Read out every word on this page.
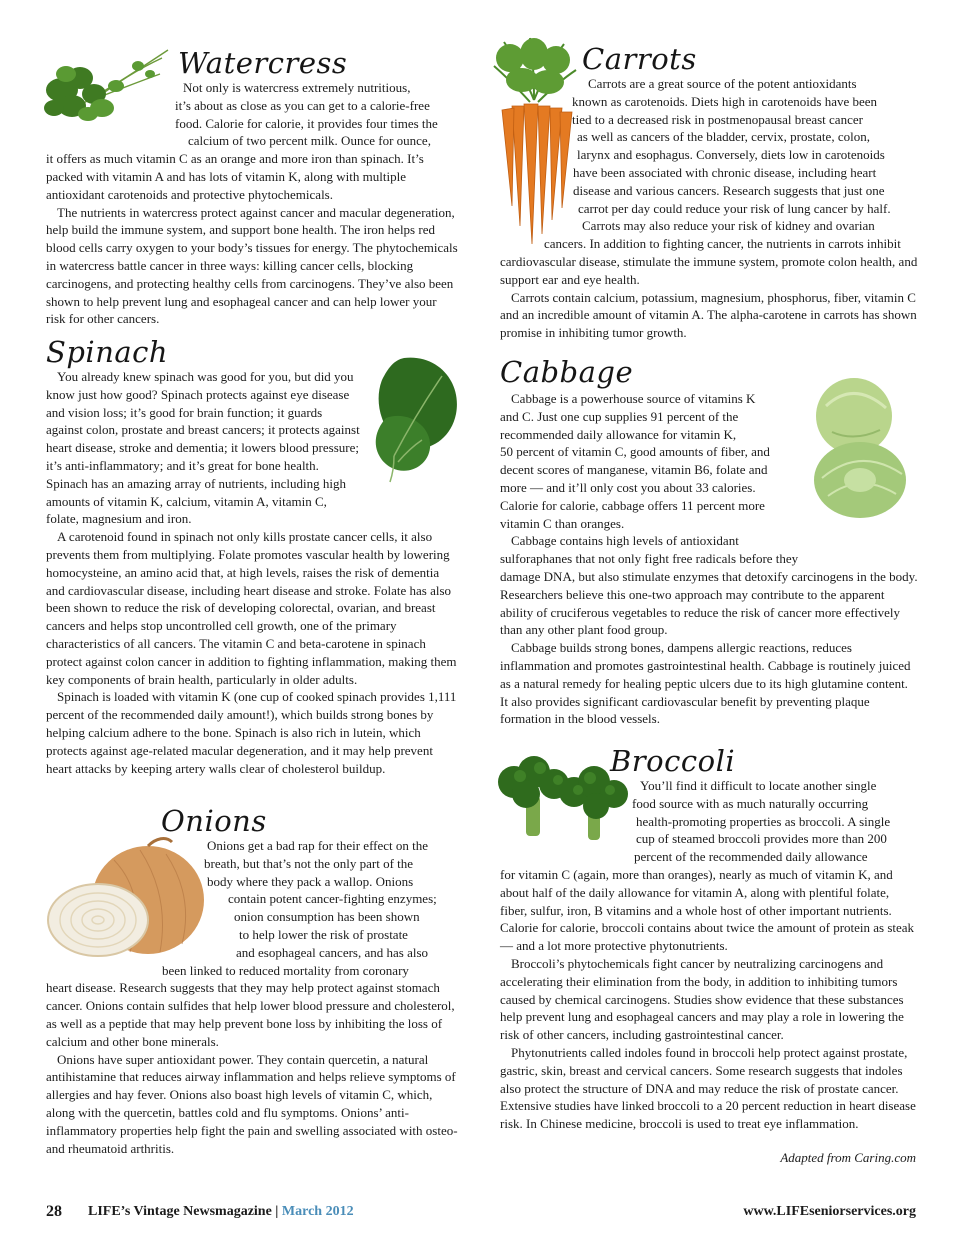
Watercress

Not only is watercress extremely nutritious,

it’s about as close as you can get to a calorie-free

food. Calorie for calorie, it provides four times the

calcium of two percent milk. Ounce for ounce,

it offers as much vitamin C as an orange and more iron than spinach. It’s packed with vitamin A and has lots of vitamin K, along with multiple antioxidant carotenoids and protective phytochemicals.

The nutrients in watercress protect against cancer and macular degeneration, help build the immune system, and support bone health. The iron helps red blood cells carry oxygen to your body’s tissues for energy. The phytochemicals in watercress battle cancer in three ways: killing cancer cells, blocking carcinogens, and protecting healthy cells from carcinogens. They’ve also been shown to help prevent lung and esophageal cancer and can help lower your risk for other cancers.

Spinach

You already knew spinach was good for you, but did you know just how good? Spinach protects against eye disease and vision loss; it’s good for brain function; it guards against colon, prostate and breast cancers; it protects against heart disease, stroke and dementia; it lowers blood pressure; it’s anti-inflammatory; and it’s great for bone health. Spinach has an amazing array of nutrients, including high amounts of vitamin K, calcium, vitamin A, vitamin C, folate, magnesium and iron.

A carotenoid found in spinach not only kills prostate cancer cells, it also prevents them from multiplying. Folate promotes vascular health by lowering homocysteine, an amino acid that, at high levels, raises the risk of dementia and cardiovascular disease, including heart disease and stroke. Folate has also been shown to reduce the risk of developing colorectal, ovarian, and breast cancers and helps stop uncontrolled cell growth, one of the primary characteristics of all cancers. The vitamin C and beta-carotene in spinach protect against colon cancer in addition to fighting inflammation, making them key components of brain health, particularly in older adults.

Spinach is loaded with vitamin K (one cup of cooked spinach provides 1,111 percent of the recommended daily amount!), which builds strong bones by helping calcium adhere to the bone. Spinach is also rich in lutein, which protects against age-related macular degeneration, and it may help prevent heart attacks by keeping artery walls clear of cholesterol buildup.

Onions

Onions get a bad rap for their effect on the

breath, but that’s not the only part of the

body where they pack a wallop. Onions

contain potent cancer-fighting enzymes;

onion consumption has been shown

to help lower the risk of prostate

and esophageal cancers, and has also

been linked to reduced mortality from coronary

heart disease. Research suggests that they may help protect against stomach cancer. Onions contain sulfides that help lower blood pressure and cholesterol, as well as a peptide that may help prevent bone loss by inhibiting the loss of calcium and other bone minerals.

Onions have super antioxidant power. They contain quercetin, a natural antihistamine that reduces airway inflammation and helps relieve symptoms of allergies and hay fever. Onions also boast high levels of vitamin C, which, along with the quercetin, battles cold and flu symptoms. Onions’ anti-inflammatory properties help fight the pain and swelling associated with osteo- and rheumatoid arthritis.

Carrots

Carrots are a great source of the potent antioxidants

known as carotenoids. Diets high in carotenoids have been

tied to a decreased risk in postmenopausal breast cancer

as well as cancers of the bladder, cervix, prostate, colon,

larynx and esophagus. Conversely, diets low in carotenoids

have been associated with chronic disease, including heart

disease and various cancers. Research suggests that just one

carrot per day could reduce your risk of lung cancer by half.

Carrots may also reduce your risk of kidney and ovarian

cancers. In addition to fighting cancer, the nutrients in carrots inhibit

cardiovascular disease, stimulate the immune system, promote colon health, and support ear and eye health.

Carrots contain calcium, potassium, magnesium, phosphorus, fiber, vitamin C and an incredible amount of vitamin A. The alpha-carotene in carrots has shown promise in inhibiting tumor growth.

Cabbage

Cabbage is a powerhouse source of vitamins K

and C. Just one cup supplies 91 percent of the

recommended daily allowance for vitamin K,

50 percent of vitamin C, good amounts of fiber, and

decent scores of manganese, vitamin B6, folate and

more — and it’ll only cost you about 33 calories.

Calorie for calorie, cabbage offers 11 percent more

vitamin C than oranges.

Cabbage contains high levels of antioxidant

sulforaphanes that not only fight free radicals before they

damage DNA, but also stimulate enzymes that detoxify carcinogens in the body. Researchers believe this one-two approach may contribute to the apparent ability of cruciferous vegetables to reduce the risk of cancer more effectively than any other plant food group.

Cabbage builds strong bones, dampens allergic reactions, reduces inflammation and promotes gastrointestinal health. Cabbage is routinely juiced as a natural remedy for healing peptic ulcers due to its high glutamine content. It also provides significant cardiovascular benefit by preventing plaque formation in the blood vessels.

Broccoli

You’ll find it difficult to locate another single

food source with as much naturally occurring

health-promoting properties as broccoli. A single

cup of steamed broccoli provides more than 200

percent of the recommended daily allowance

for vitamin C (again, more than oranges), nearly as much of vitamin K, and about half of the daily allowance for vitamin A, along with plentiful folate, fiber, sulfur, iron, B vitamins and a whole host of other important nutrients. Calorie for calorie, broccoli contains about twice the amount of protein as steak — and a lot more protective phytonutrients.

Broccoli’s phytochemicals fight cancer by neutralizing carcinogens and accelerating their elimination from the body, in addition to inhibiting tumors caused by chemical carcinogens. Studies show evidence that these substances help prevent lung and esophageal cancers and may play a role in lowering the risk of other cancers, including gastrointestinal cancer.

Phytonutrients called indoles found in broccoli help protect against prostate, gastric, skin, breast and cervical cancers. Some research suggests that indoles also protect the structure of DNA and may reduce the risk of prostate cancer. Extensive studies have linked broccoli to a 20 percent reduction in heart disease risk. In Chinese medicine, broccoli is used to treat eye inflammation.

Adapted from Caring.com
28 LIFE’s Vintage Newsmagazine | March 2012	www.LIFEseniorservices.org
